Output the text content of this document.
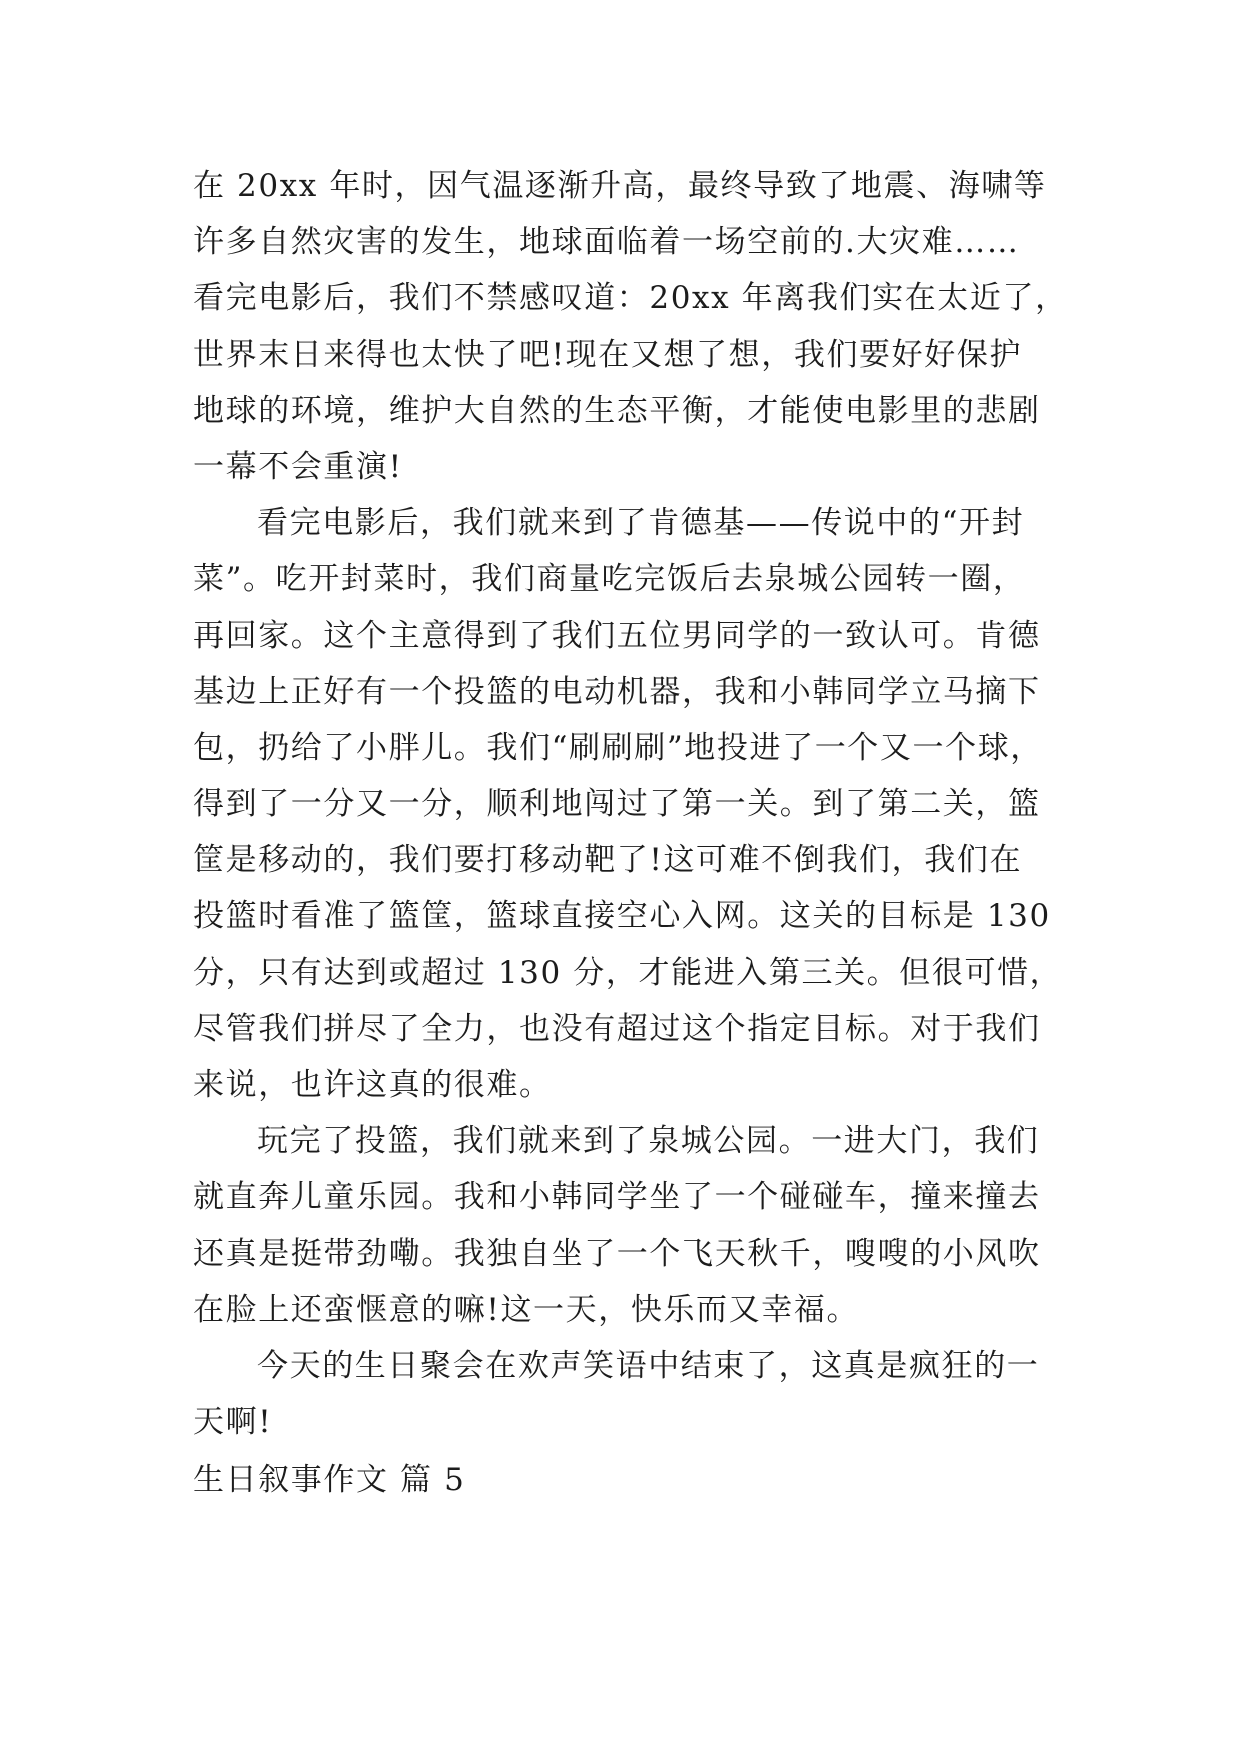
在 20xx 年时，因气温逐渐升高，最终导致了地震、海啸等
许多自然灾害的发生，地球面临着一场空前的.大灾难……
看完电影后，我们不禁感叹道：20xx 年离我们实在太近了，
世界末日来得也太快了吧!现在又想了想，我们要好好保护
地球的环境，维护大自然的生态平衡，才能使电影里的悲剧
一幕不会重演!
看完电影后，我们就来到了肯德基——传说中的“开封
菜”。吃开封菜时，我们商量吃完饭后去泉城公园转一圈，
再回家。这个主意得到了我们五位男同学的一致认可。肯德
基边上正好有一个投篮的电动机器，我和小韩同学立马摘下
包，扔给了小胖儿。我们“刷刷刷”地投进了一个又一个球，
得到了一分又一分，顺利地闯过了第一关。到了第二关，篮
筐是移动的，我们要打移动靶了!这可难不倒我们，我们在
投篮时看准了篮筐，篮球直接空心入网。这关的目标是 130
分，只有达到或超过 130 分，才能进入第三关。但很可惜，
尽管我们拼尽了全力，也没有超过这个指定目标。对于我们
来说，也许这真的很难。
玩完了投篮，我们就来到了泉城公园。一进大门，我们
就直奔儿童乐园。我和小韩同学坐了一个碰碰车，撞来撞去
还真是挺带劲嘞。我独自坐了一个飞天秋千，嗖嗖的小风吹
在脸上还蛮惬意的嘛!这一天，快乐而又幸福。
今天的生日聚会在欢声笑语中结束了，这真是疯狂的一
天啊!
生日叙事作文 篇 5
